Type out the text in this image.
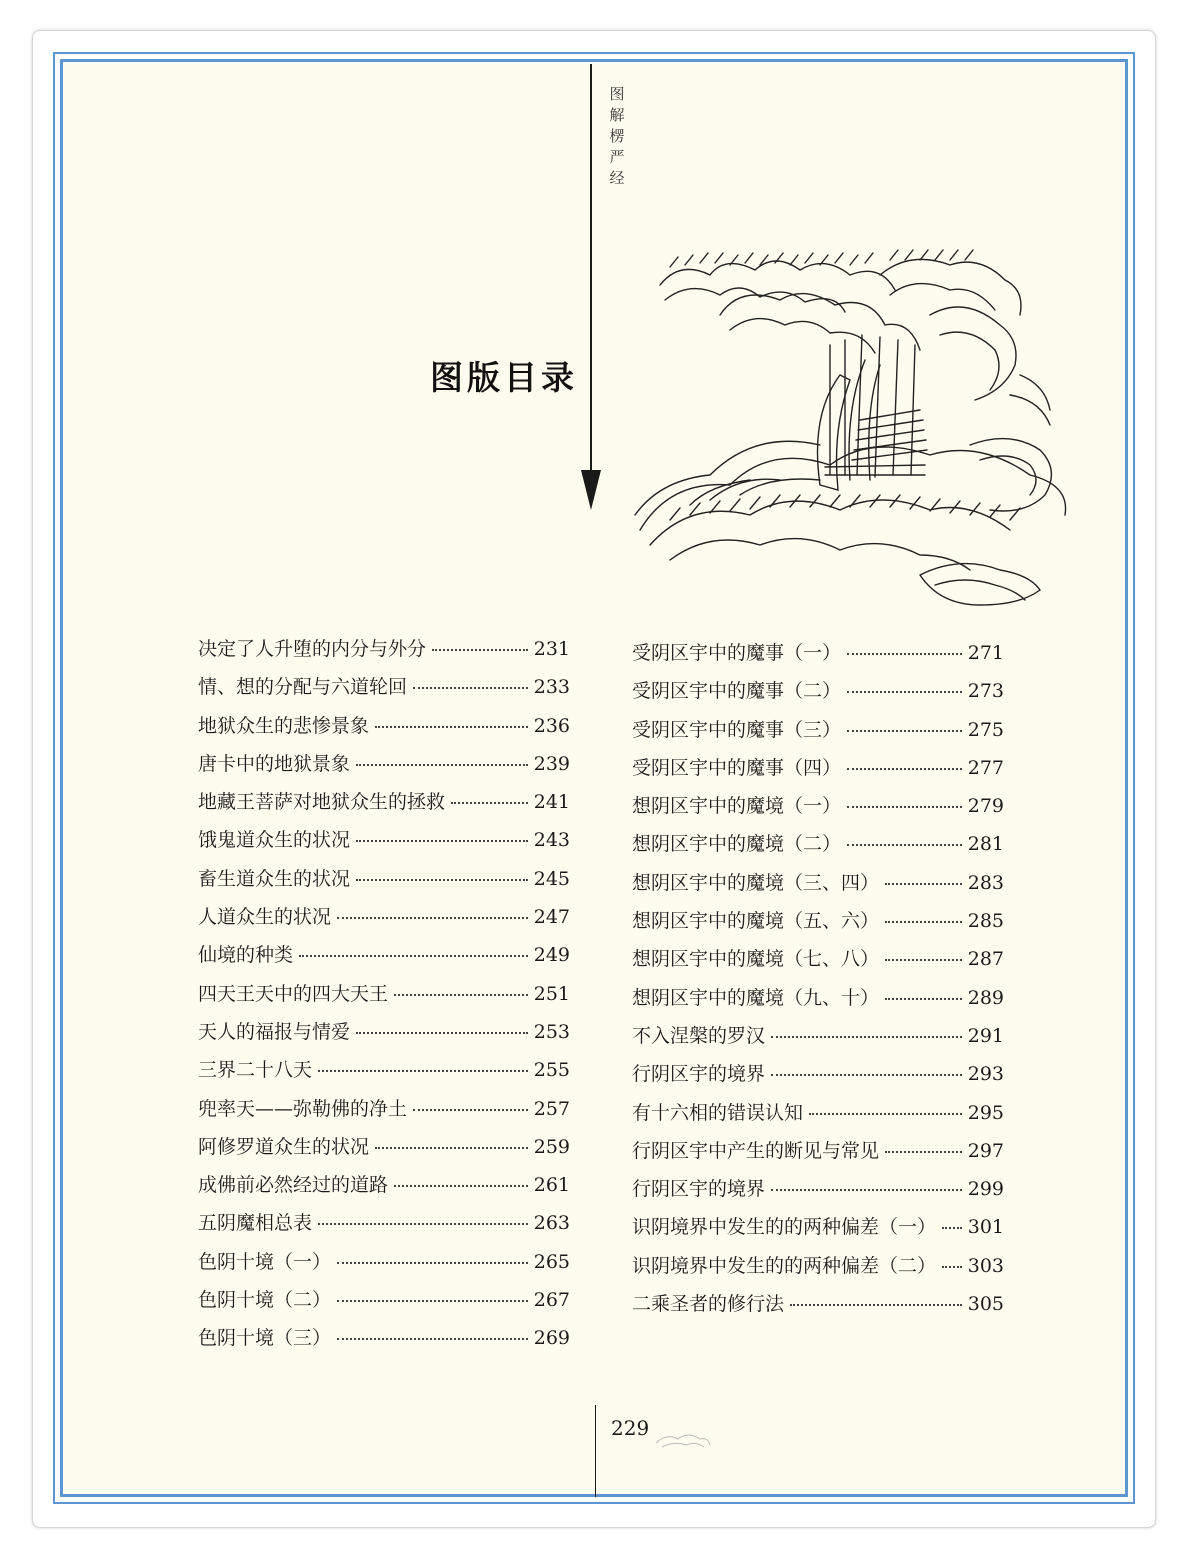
图解楞严经
图版目录
决定了人升堕的内分与外分	231
情、想的分配与六道轮回	233
地狱众生的悲惨景象	236
唐卡中的地狱景象	239
地藏王菩萨对地狱众生的拯救	241
饿鬼道众生的状况	243
畜生道众生的状况	245
人道众生的状况	247
仙境的种类	249
四天王天中的四大天王	251
天人的福报与情爱	253
三界二十八天	255
兜率天——弥勒佛的净土	257
阿修罗道众生的状况	259
成佛前必然经过的道路	261
五阴魔相总表	263
色阴十境（一）	265
色阴十境（二）	267
色阴十境（三）	269
受阴区宇中的魔事（一）	271
受阴区宇中的魔事（二）	273
受阴区宇中的魔事（三）	275
受阴区宇中的魔事（四）	277
想阴区宇中的魔境（一）	279
想阴区宇中的魔境（二）	281
想阴区宇中的魔境（三、四）	283
想阴区宇中的魔境（五、六）	285
想阴区宇中的魔境（七、八）	287
想阴区宇中的魔境（九、十）	289
不入涅槃的罗汉	291
行阴区宇的境界	293
有十六相的错误认知	295
行阴区宇中产生的断见与常见	297
行阴区宇的境界	299
识阴境界中发生的的两种偏差（一） 301
识阴境界中发生的的两种偏差（二） 303
二乘圣者的修行法	305
229
